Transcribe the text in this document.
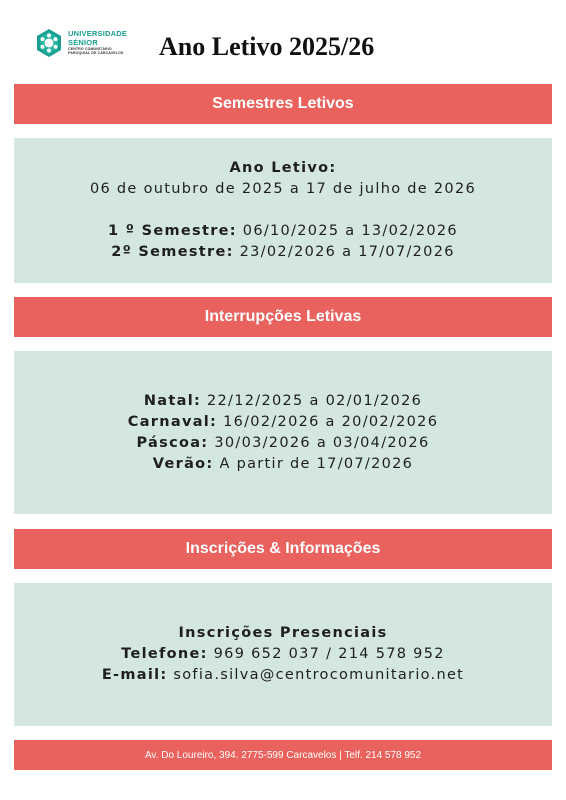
UNIVERSIDADE
SÉNIOR
CENTRO COMUNITÁRIO
PAROQUIAL DE CARCAVELOS Ano Letivo 2025/26
Semestres Letivos
Ano Letivo:
06 de outubro de 2025 a 17 de julho de 2026
1 º Semestre: 06/10/2025 a 13/02/2026
2º Semestre: 23/02/2026 a 17/07/2026
Interrupções Letivas
Natal: 22/12/2025 a 02/01/2026
Carnaval: 16/02/2026 a 20/02/2026
Páscoa: 30/03/2026 a 03/04/2026
Verão: A partir de 17/07/2026
Inscrições & Informações
Inscrições Presenciais
Telefone: 969 652 037 / 214 578 952
E-mail: sofia.silva@centrocomunitario.net
Av. Do Loureiro, 394. 2775-599 Carcavelos | Telf. 214 578 952
